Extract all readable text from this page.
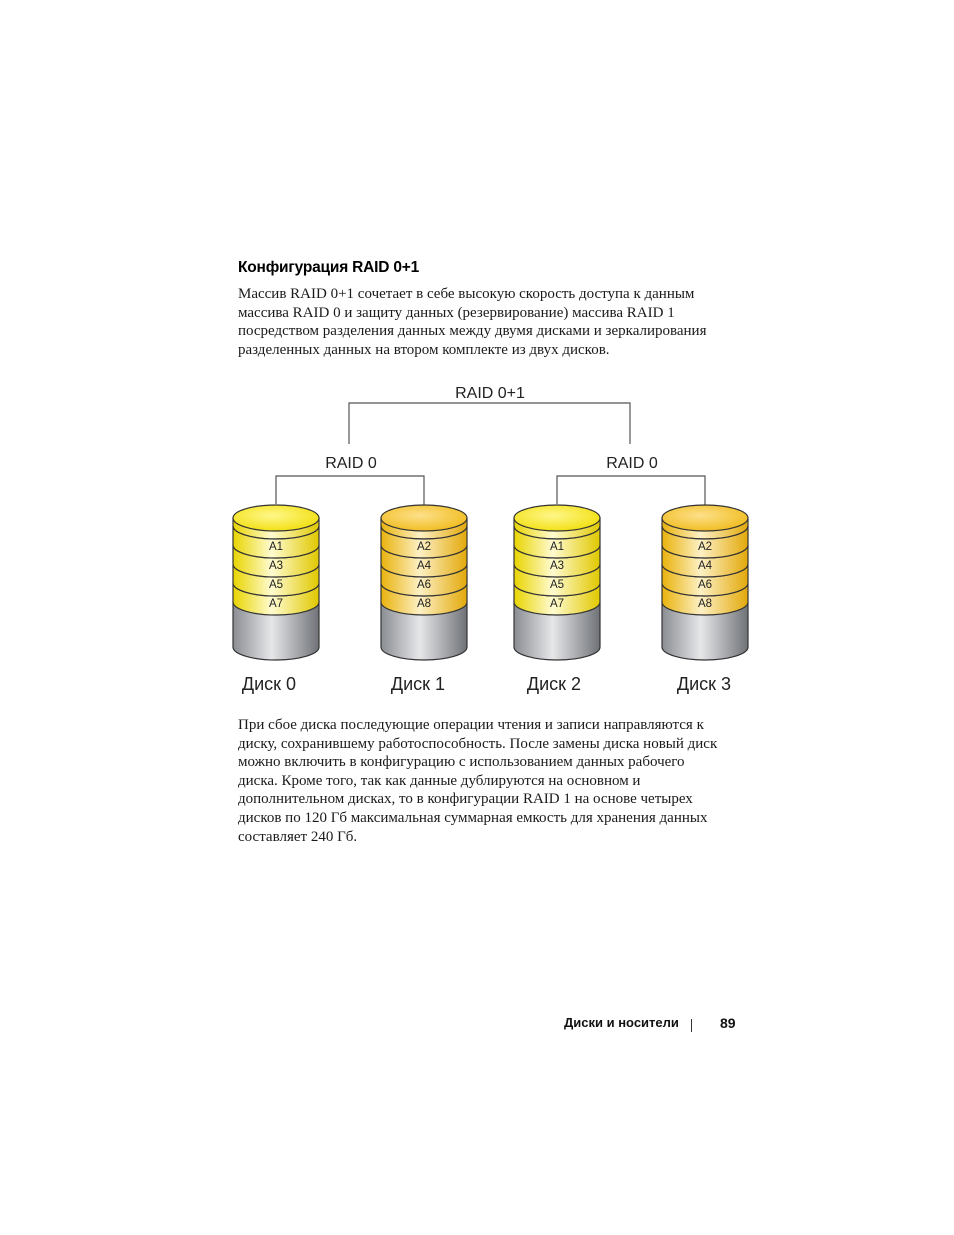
Конфигурация RAID 0+1

Массив RAID 0+1 сочетает в себе высокую скорость доступа к данным
массива RAID 0 и защиту данных (резервирование) массива RAID 1
посредством разделения данных между двумя дисками и зеркалирования
разделенных данных на втором комплекте из двух дисков.

RAID 0+1
RAID 0	RAID 0
A7
A5
A3
A1
Диск 0
A8
A6
A4
A2
Диск 1
A7
A5
A3
A1
Диск 2
A8
A6
A4
A2
Диск 3

При сбое диска последующие операции чтения и записи направляются к
диску, сохранившему работоспособность. После замены диска новый диск
можно включить в конфигурацию с использованием данных рабочего
диска. Кроме того, так как данные дублируются на основном и
дополнительном дисках, то в конфигурации RAID 1 на основе четырех
дисков по 120 Гб максимальная суммарная емкость для хранения данных
составляет 240 Гб.

Диски и носители	89
